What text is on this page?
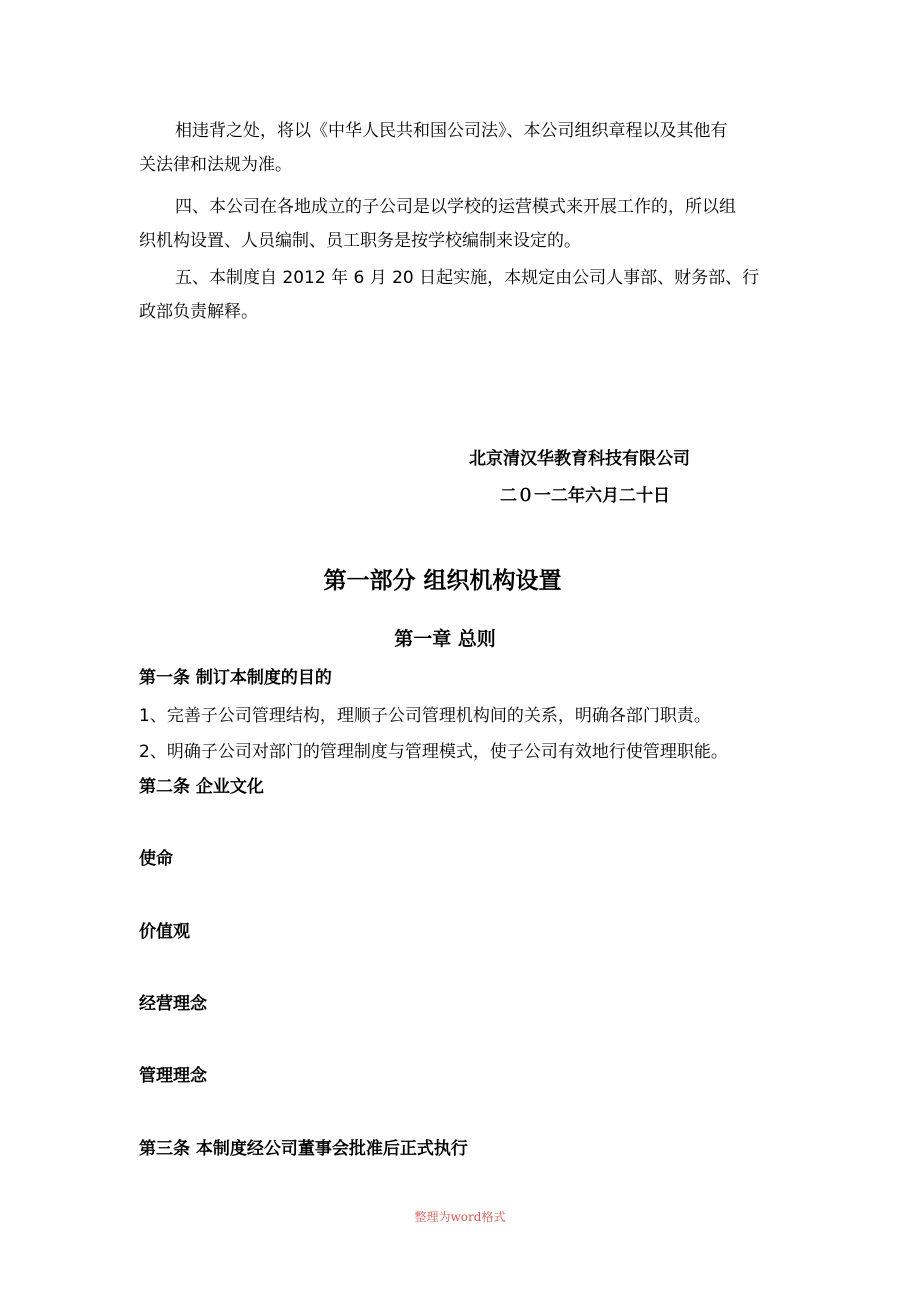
相违背之处，将以《中华人民共和国公司法》、本公司组织章程以及其他有
关法律和法规为准。
四、本公司在各地成立的子公司是以学校的运营模式来开展工作的，所以组
织机构设置、人员编制、员工职务是按学校编制来设定的。
五、本制度自 2012 年 6 月 20 日起实施，本规定由公司人事部、财务部、行
政部负责解释。
北京清汉华教育科技有限公司
二０一二年六月二十日
第一部分 组织机构设置
第一章 总则
第一条 制订本制度的目的
1、完善子公司管理结构，理顺子公司管理机构间的关系，明确各部门职责。
2、明确子公司对部门的管理制度与管理模式，使子公司有效地行使管理职能。
第二条 企业文化
使命
价值观
经营理念
管理理念
第三条 本制度经公司董事会批准后正式执行
整理为word格式
